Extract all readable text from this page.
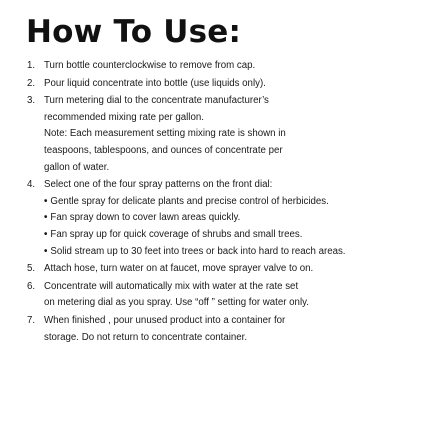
How To Use:
1. Turn bottle counterclockwise to remove from cap.
2. Pour liquid concentrate into bottle (use liquids only).
3. Turn metering dial to the concentrate manufacturer’s
recommended mixing rate per gallon.
Note: Each measurement setting mixing rate is shown in
teaspoons, tablespoons, and ounces of concentrate per
gallon of water.
4. Select one of the four spray patterns on the front dial:
• Gentle spray for delicate plants and precise control of herbicides.
• Fan spray down to cover lawn areas quickly.
• Fan spray up for quick coverage of shrubs and small trees.
• Solid stream up to 30 feet into trees or back into hard to reach areas.
5. Attach hose, turn water on at faucet, move sprayer valve to on.
6. Concentrate will automatically mix with water at the rate set
on metering dial as you spray. Use “off ” setting for water only.
7. When finished , pour unused product into a container for
storage. Do not return to concentrate container.
